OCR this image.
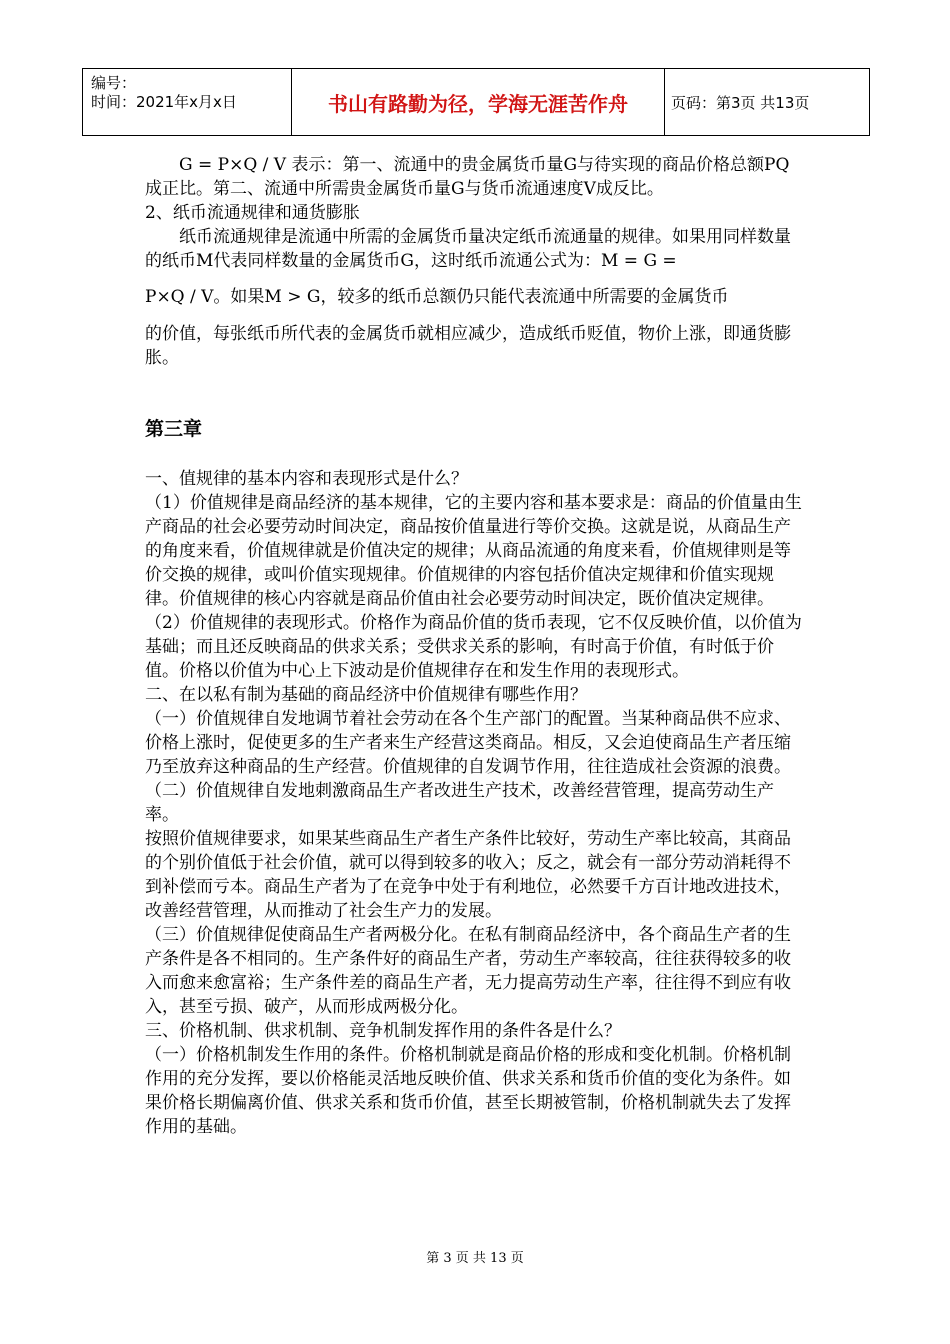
编号：
时间：2021年x月x日	书山有路勤为径，学海无涯苦作舟	页码：第3页 共13页

G = P×Q / V 表示：第一、流通中的贵金属货币量G与待实现的商品价格总额PQ成正比。第二、流通中所需贵金属货币量G与货币流通速度V成反比。

2、纸币流通规律和通货膨胀

纸币流通规律是流通中所需的金属货币量决定纸币流通量的规律。如果用同样数量的纸币M代表同样数量的金属货币G，这时纸币流通公式为：M = G =

P×Q / V。如果M > G，较多的纸币总额仍只能代表流通中所需要的金属货币

的价值，每张纸币所代表的金属货币就相应减少，造成纸币贬值，物价上涨，即通货膨胀。

第三章

一、值规律的基本内容和表现形式是什么？

（1）价值规律是商品经济的基本规律，它的主要内容和基本要求是：商品的价值量由生 产商品的社会必要劳动时间决定，商品按价值量进行等价交换。这就是说，从商品生产的角度来看，价值规律就是价值决定的规律；从商品流通的角度来看，价值规律则是等价交换的规律，或叫价值实现规律。价值规律的内容包括价值决定规律和价值实现规律。价值规律的核心内容就是商品价值由社会必要劳动时间决定，既价值决定规律。

（2）价值规律的表现形式。价格作为商品价值的货币表现，它不仅反映价值，以价值为基础；而且还反映商品的供求关系；受供求关系的影响，有时高于价值，有时低于价值。价格以价值为中心上下波动是价值规律存在和发生作用的表现形式。

二、在以私有制为基础的商品经济中价值规律有哪些作用？

（一）价值规律自发地调节着社会劳动在各个生产部门的配置。当某种商品供不应求、价格上涨时，促使更多的生产者来生产经营这类商品。相反，又会迫使商品生产者压缩乃至放弃这种商品的生产经营。价值规律的自发调节作用，往往造成社会资源的浪费。

（二）价值规律自发地刺激商品生产者改进生产技术，改善经营管理，提高劳动生产率。

按照价值规律要求，如果某些商品生产者生产条件比较好，劳动生产率比较高，其商品的个别价值低于社会价值，就可以得到较多的收入；反之，就会有一部分劳动消耗得不到补偿而亏本。商品生产者为了在竞争中处于有利地位，必然要千方百计地改进技术，改善经营管理，从而推动了社会生产力的发展。

（三）价值规律促使商品生产者两极分化。在私有制商品经济中，各个商品生产者的生产条件是各不相同的。生产条件好的商品生产者，劳动生产率较高，往往获得较多的收入而愈来愈富裕；生产条件差的商品生产者，无力提高劳动生产率，往往得不到应有收入，甚至亏损、破产，从而形成两极分化。

三、价格机制、供求机制、竞争机制发挥作用的条件各是什么？

（一）价格机制发生作用的条件。价格机制就是商品价格的形成和变化机制。价格机制作用的充分发挥，要以价格能灵活地反映价值、供求关系和货币价值的变化为条件。如果价格长期偏离价值、供求关系和货币价值，甚至长期被管制，价格机制就失去了发挥作用的基础。

第 3 页 共 13 页
